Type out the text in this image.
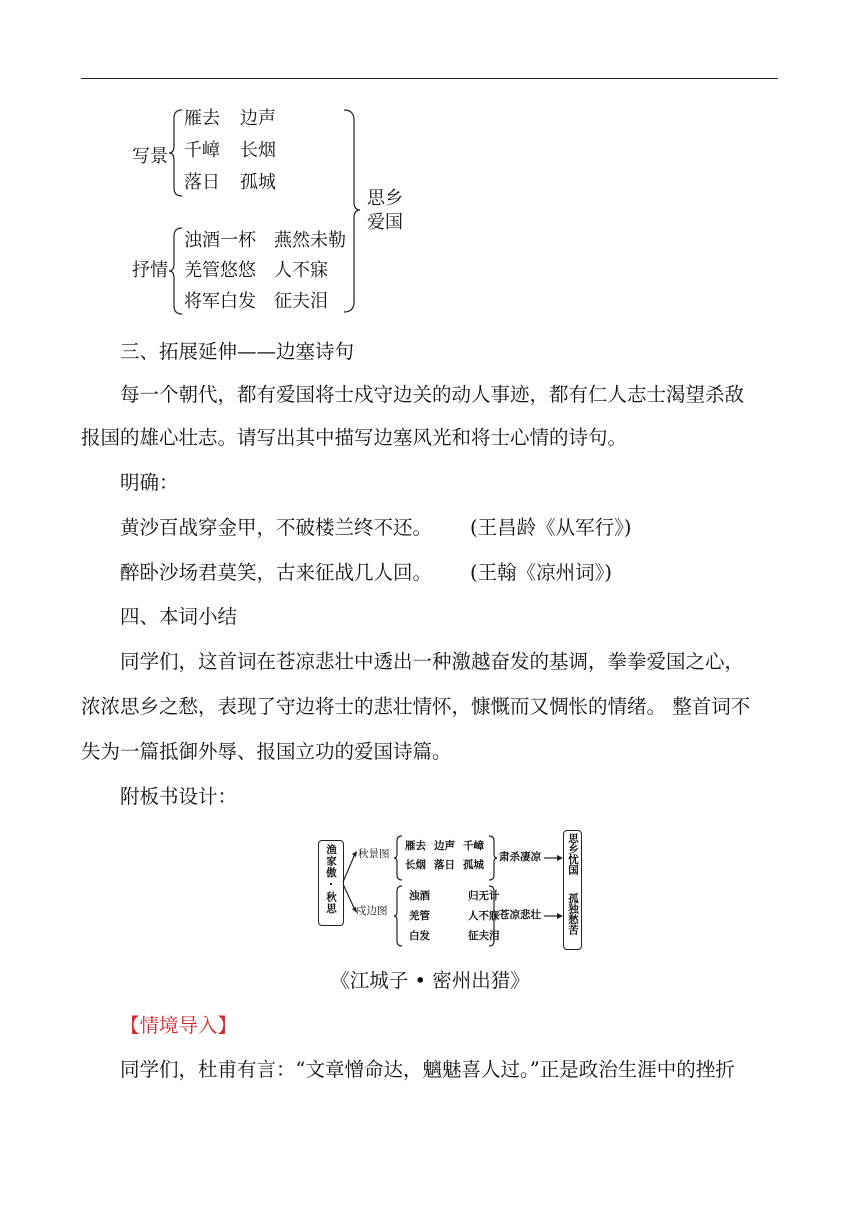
写景
雁去 边声
千嶂 长烟
落日 孤城
抒情
浊酒一杯 燕然未勒
羌管悠悠 人不寐
将军白发 征夫泪
思乡
爱国
三、拓展延伸——边塞诗句
每一个朝代，都有爱国将士戍守边关的动人事迹，都有仁人志士渴望杀敌
报国的雄心壮志。请写出其中描写边塞风光和将士心情的诗句。
明确：
黄沙百战穿金甲，不破楼兰终不还。 (王昌龄《从军行》)
醉卧沙场君莫笑，古来征战几人回。 (王翰《凉州词》)
四、本词小结
同学们，这首词在苍凉悲壮中透出一种激越奋发的基调，拳拳爱国之心，
浓浓思乡之愁，表现了守边将士的悲壮情怀，慷慨而又惆怅的情绪。 整首词不
失为一篇抵御外辱、报国立功的爱国诗篇。
附板书设计：
渔家傲·秋思 秋景图
雁去 边声 千嶂
长烟 落日 孤城
肃杀凄凉
戍边图
浊酒	归无计
羌管	人不寐
白发	征夫泪
苍凉悲壮
思乡忧国
孤独愁苦
《江城子 • 密州出猎》
【情境导入】
同学们，杜甫有言：“文章憎命达，魑魅喜人过。”正是政治生涯中的挫折
